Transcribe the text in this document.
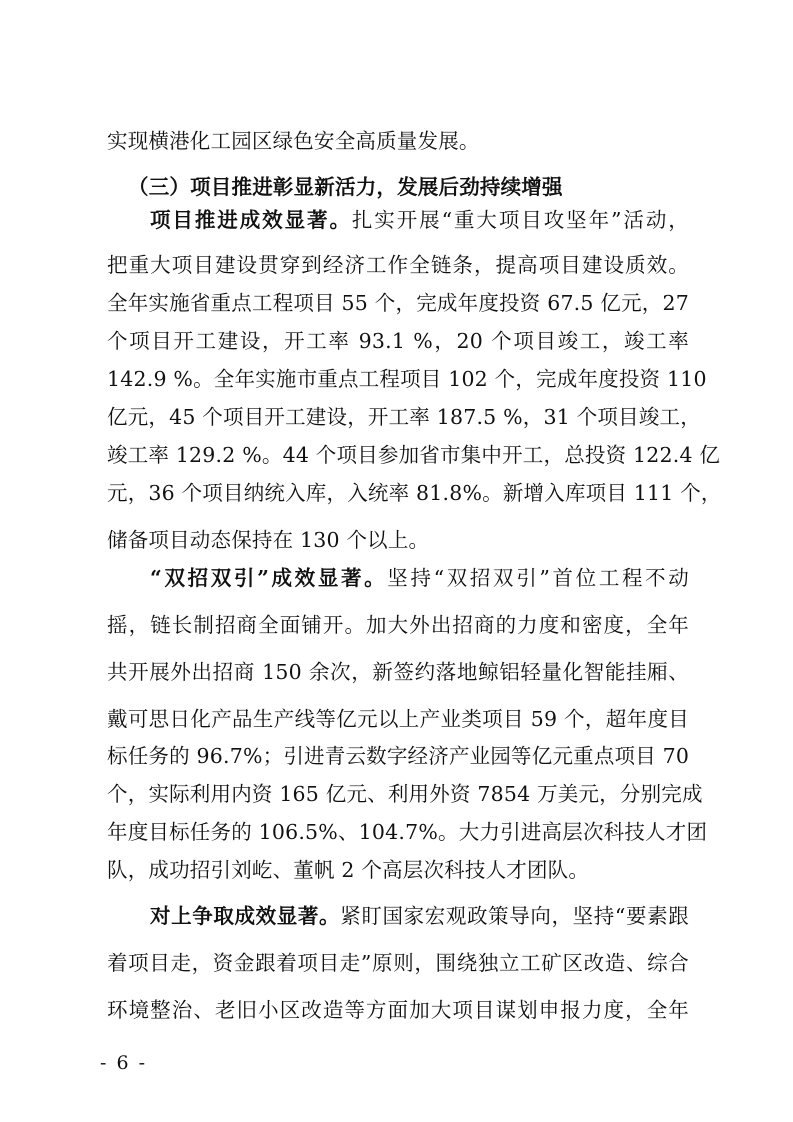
实现横港化工园区绿色安全高质量发展。
（三）项目推进彰显新活力，发展后劲持续增强
项目推进成效显著。扎实开展“重大项目攻坚年”活动，
把重大项目建设贯穿到经济工作全链条，提高项目建设质效。
全年实施省重点工程项目 55 个，完成年度投资 67.5 亿元，27
个项目开工建设，开工率 93.1 %，20 个项目竣工，竣工率
142.9 %。全年实施市重点工程项目 102 个，完成年度投资 110
亿元，45 个项目开工建设，开工率 187.5 %，31 个项目竣工，
竣工率 129.2 %。44 个项目参加省市集中开工，总投资 122.4 亿
元，36 个项目纳统入库，入统率 81.8%。新增入库项目 111 个，
储备项目动态保持在 130 个以上。
“双招双引”成效显著。坚持“双招双引”首位工程不动
摇，链长制招商全面铺开。加大外出招商的力度和密度，全年
共开展外出招商 150 余次，新签约落地鲸铝轻量化智能挂厢、
戴可思日化产品生产线等亿元以上产业类项目 59 个，超年度目
标任务的 96.7%；引进青云数字经济产业园等亿元重点项目 70
个，实际利用内资 165 亿元、利用外资 7854 万美元，分别完成
年度目标任务的 106.5%、104.7%。大力引进高层次科技人才团
队，成功招引刘屹、董帆 2 个高层次科技人才团队。
对上争取成效显著。紧盯国家宏观政策导向，坚持“要素跟
着项目走，资金跟着项目走”原则，围绕独立工矿区改造、综合
环境整治、老旧小区改造等方面加大项目谋划申报力度，全年
- 6 -
